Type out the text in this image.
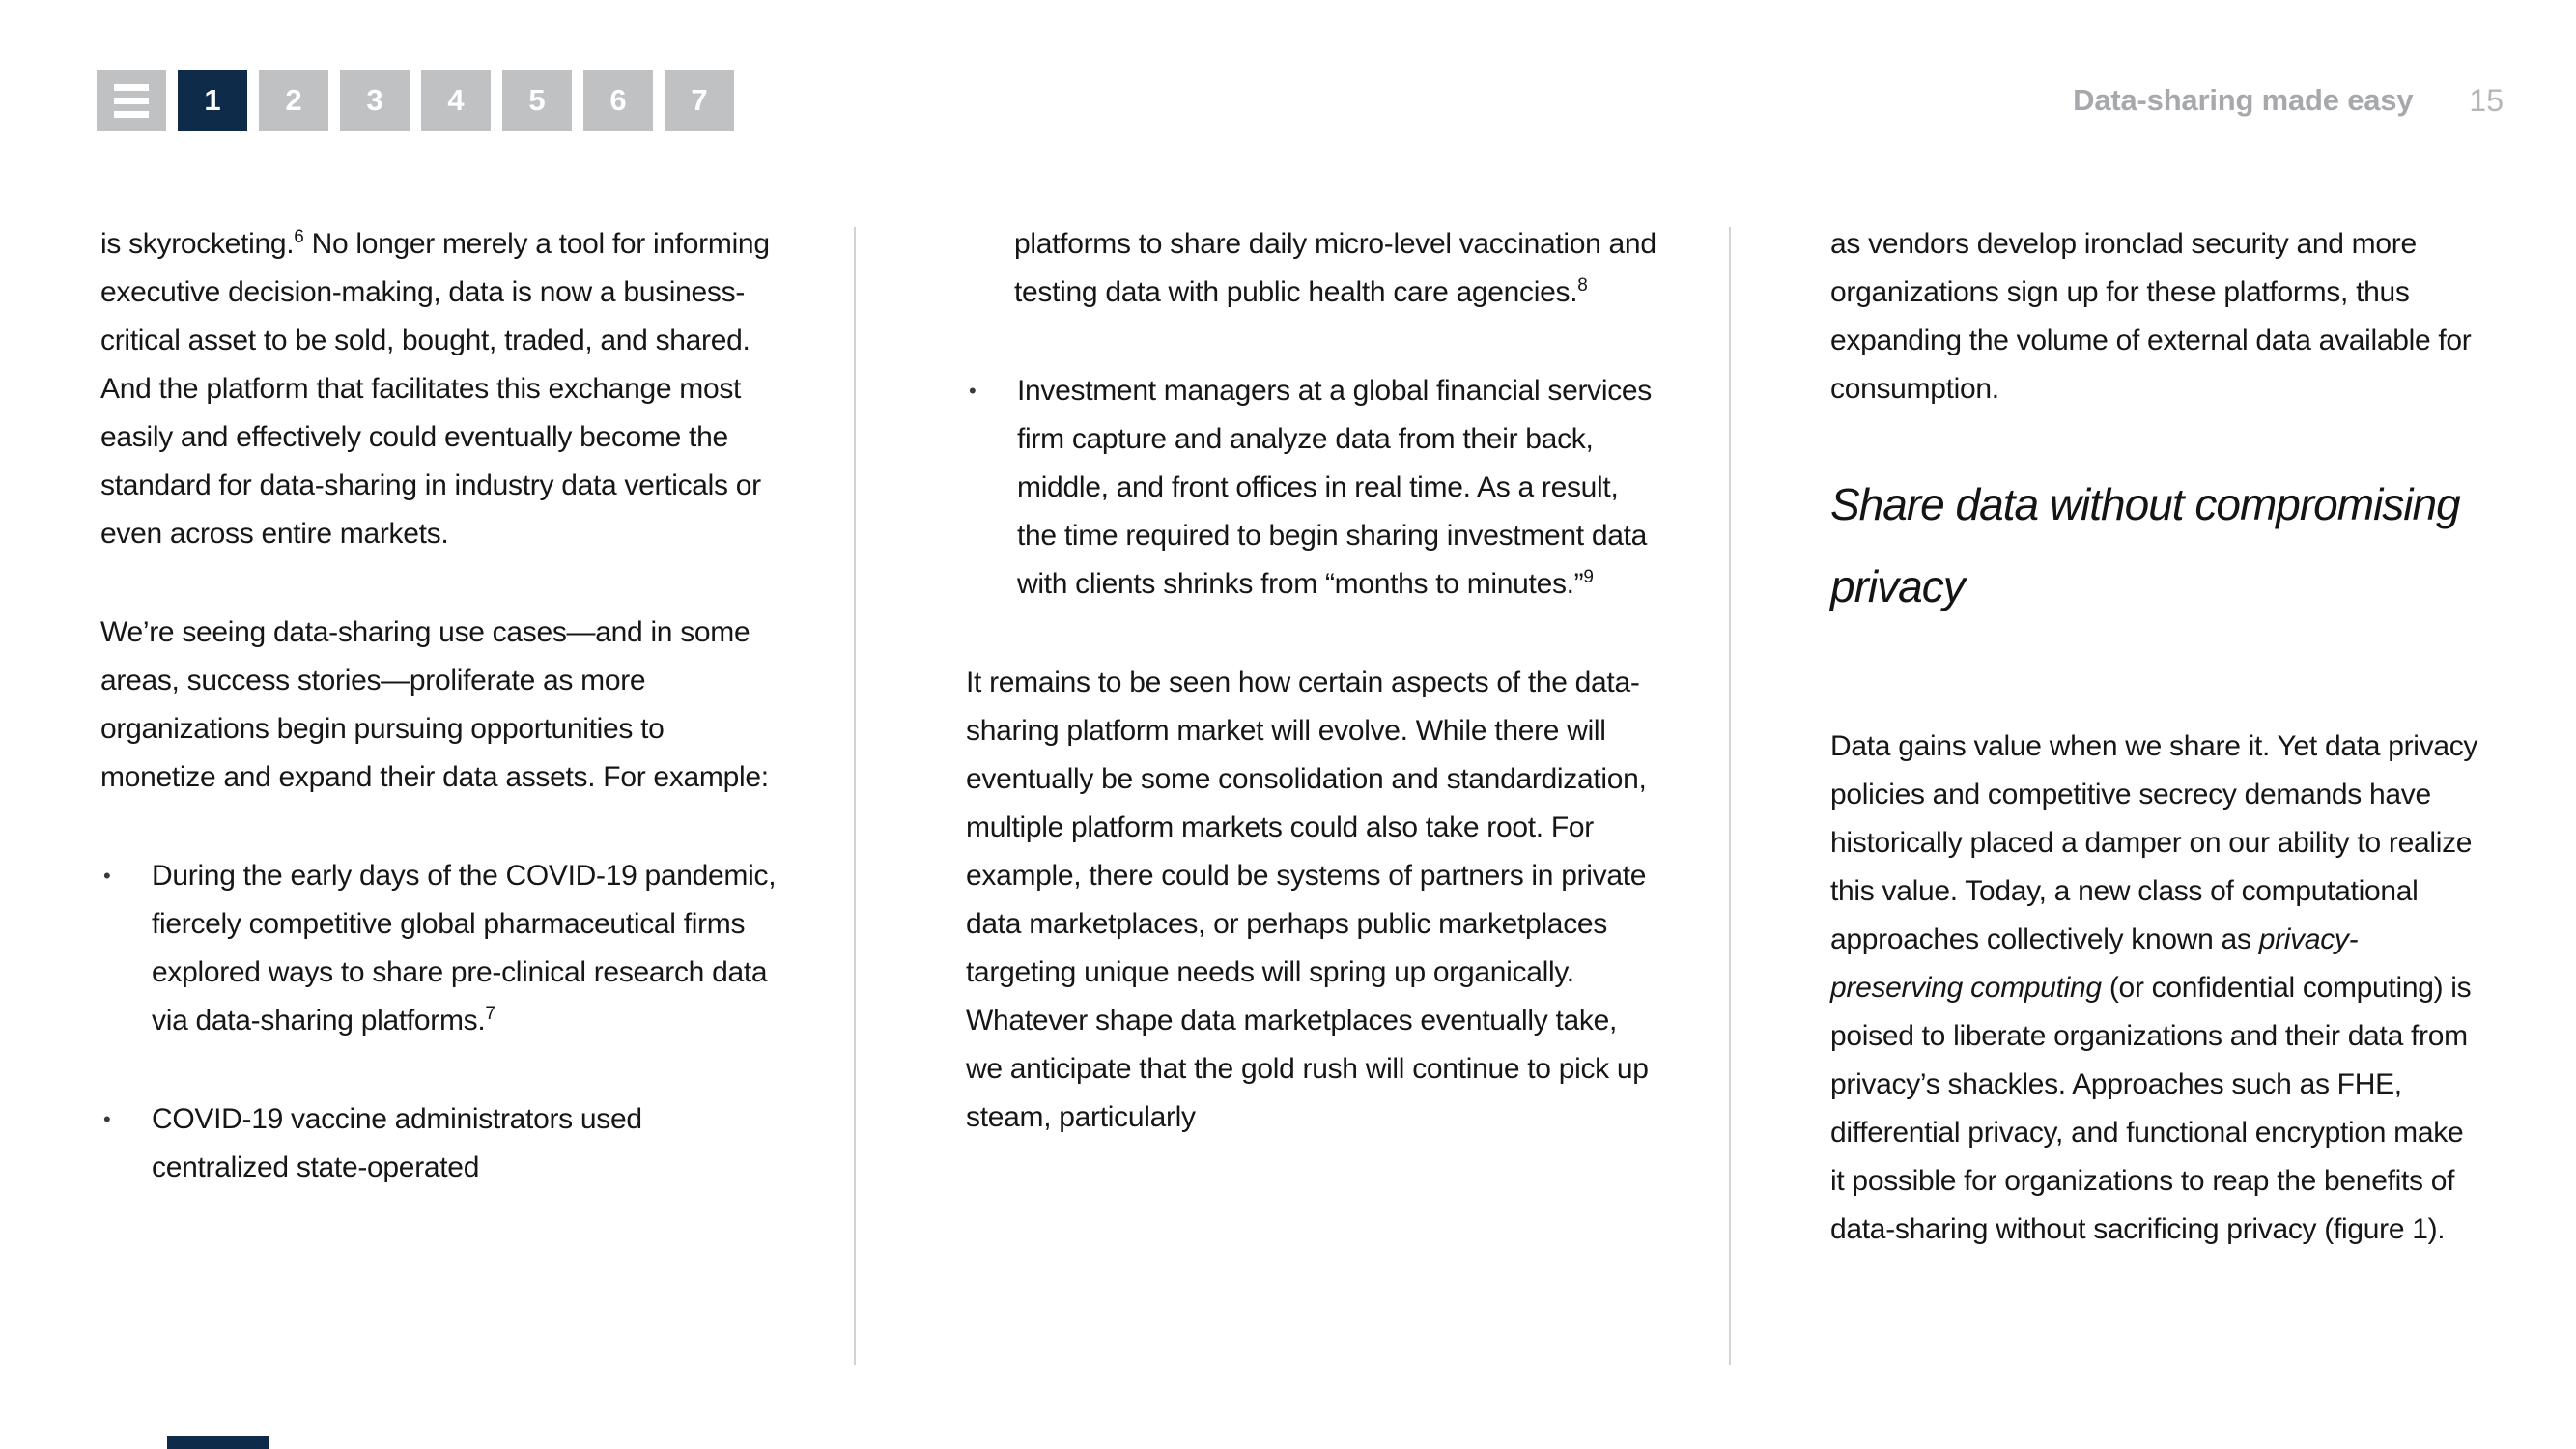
1	2	3	4	5	6	7	Data-sharing made easy 15

is skyrocketing.$^6$ No longer merely a tool for informing executive decision-making, data is now a business-critical asset to be sold, bought, traded, and shared. And the platform that facilitates this exchange most easily and effectively could eventually become the standard for data-sharing in industry data verticals or even across entire markets.

We’re seeing data-sharing use cases—and in some areas, success stories—proliferate as more organizations begin pursuing opportunities to monetize and expand their data assets. For example:

•	During the early days of the COVID-19 pandemic, fiercely competitive global pharmaceutical firms explored ways to share pre-clinical research data via data-sharing platforms.$^7$

•	COVID-19 vaccine administrators used centralized state-operated

platforms to share daily micro-level vaccination and testing data with public health care agencies.$^8$

•	Investment managers at a global financial services firm capture and analyze data from their back, middle, and front offices in real time. As a result, the time required to begin sharing investment data with clients shrinks from “months to minutes.”$^9$

It remains to be seen how certain aspects of the data-sharing platform market will evolve. While there will eventually be some consolidation and standardization, multiple platform markets could also take root. For example, there could be systems of partners in private data marketplaces, or perhaps public marketplaces targeting unique needs will spring up organically. Whatever shape data marketplaces eventually take, we anticipate that the gold rush will continue to pick up steam, particularly

as vendors develop ironclad security and more organizations sign up for these platforms, thus expanding the volume of external data available for consumption.

Share data without compromising privacy

Data gains value when we share it. Yet data privacy policies and competitive secrecy demands have historically placed a damper on our ability to realize this value. Today, a new class of computational approaches collectively known as privacy-preserving computing (or confidential computing) is poised to liberate organizations and their data from privacy’s shackles. Approaches such as FHE, differential privacy, and functional encryption make it possible for organizations to reap the benefits of data-sharing without sacrificing privacy (figure 1).
